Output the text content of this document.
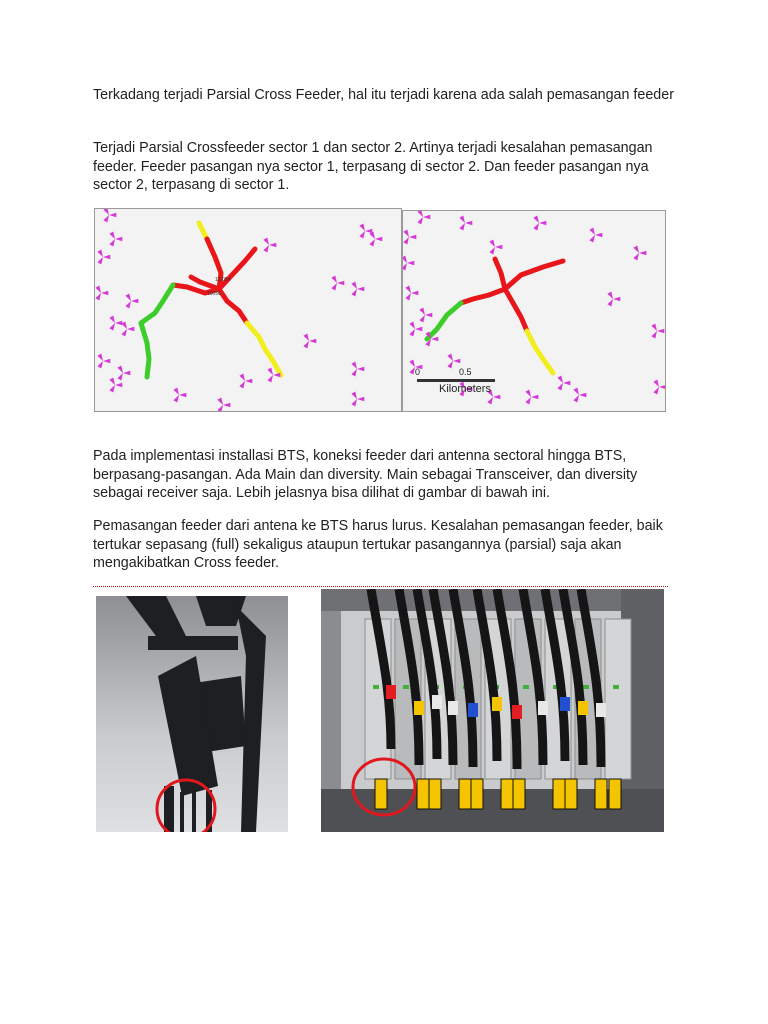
Terkadang terjadi Parsial Cross Feeder, hal itu terjadi karena ada salah pemasangan feeder

Terjadi Parsial Crossfeeder sector 1 dan sector 2. Artinya terjadi kesalahan pemasangan feeder. Feeder pasangan nya sector 1, terpasang di sector 2. Dan feeder pasangan nya sector 2, terpasang di sector 1.

13/054
10056
0	0.5
Kilometers

Pada implementasi installasi BTS, koneksi feeder dari antenna sectoral hingga BTS, berpasang-pasangan. Ada Main dan diversity. Main sebagai Transceiver, dan diversity sebagai receiver saja. Lebih jelasnya bisa dilihat di gambar di bawah ini.

Pemasangan feeder dari antena ke BTS harus lurus. Kesalahan pemasangan feeder, baik tertukar sepasang (full) sekaligus ataupun tertukar pasangannya (parsial) saja akan mengakibatkan Cross feeder.
